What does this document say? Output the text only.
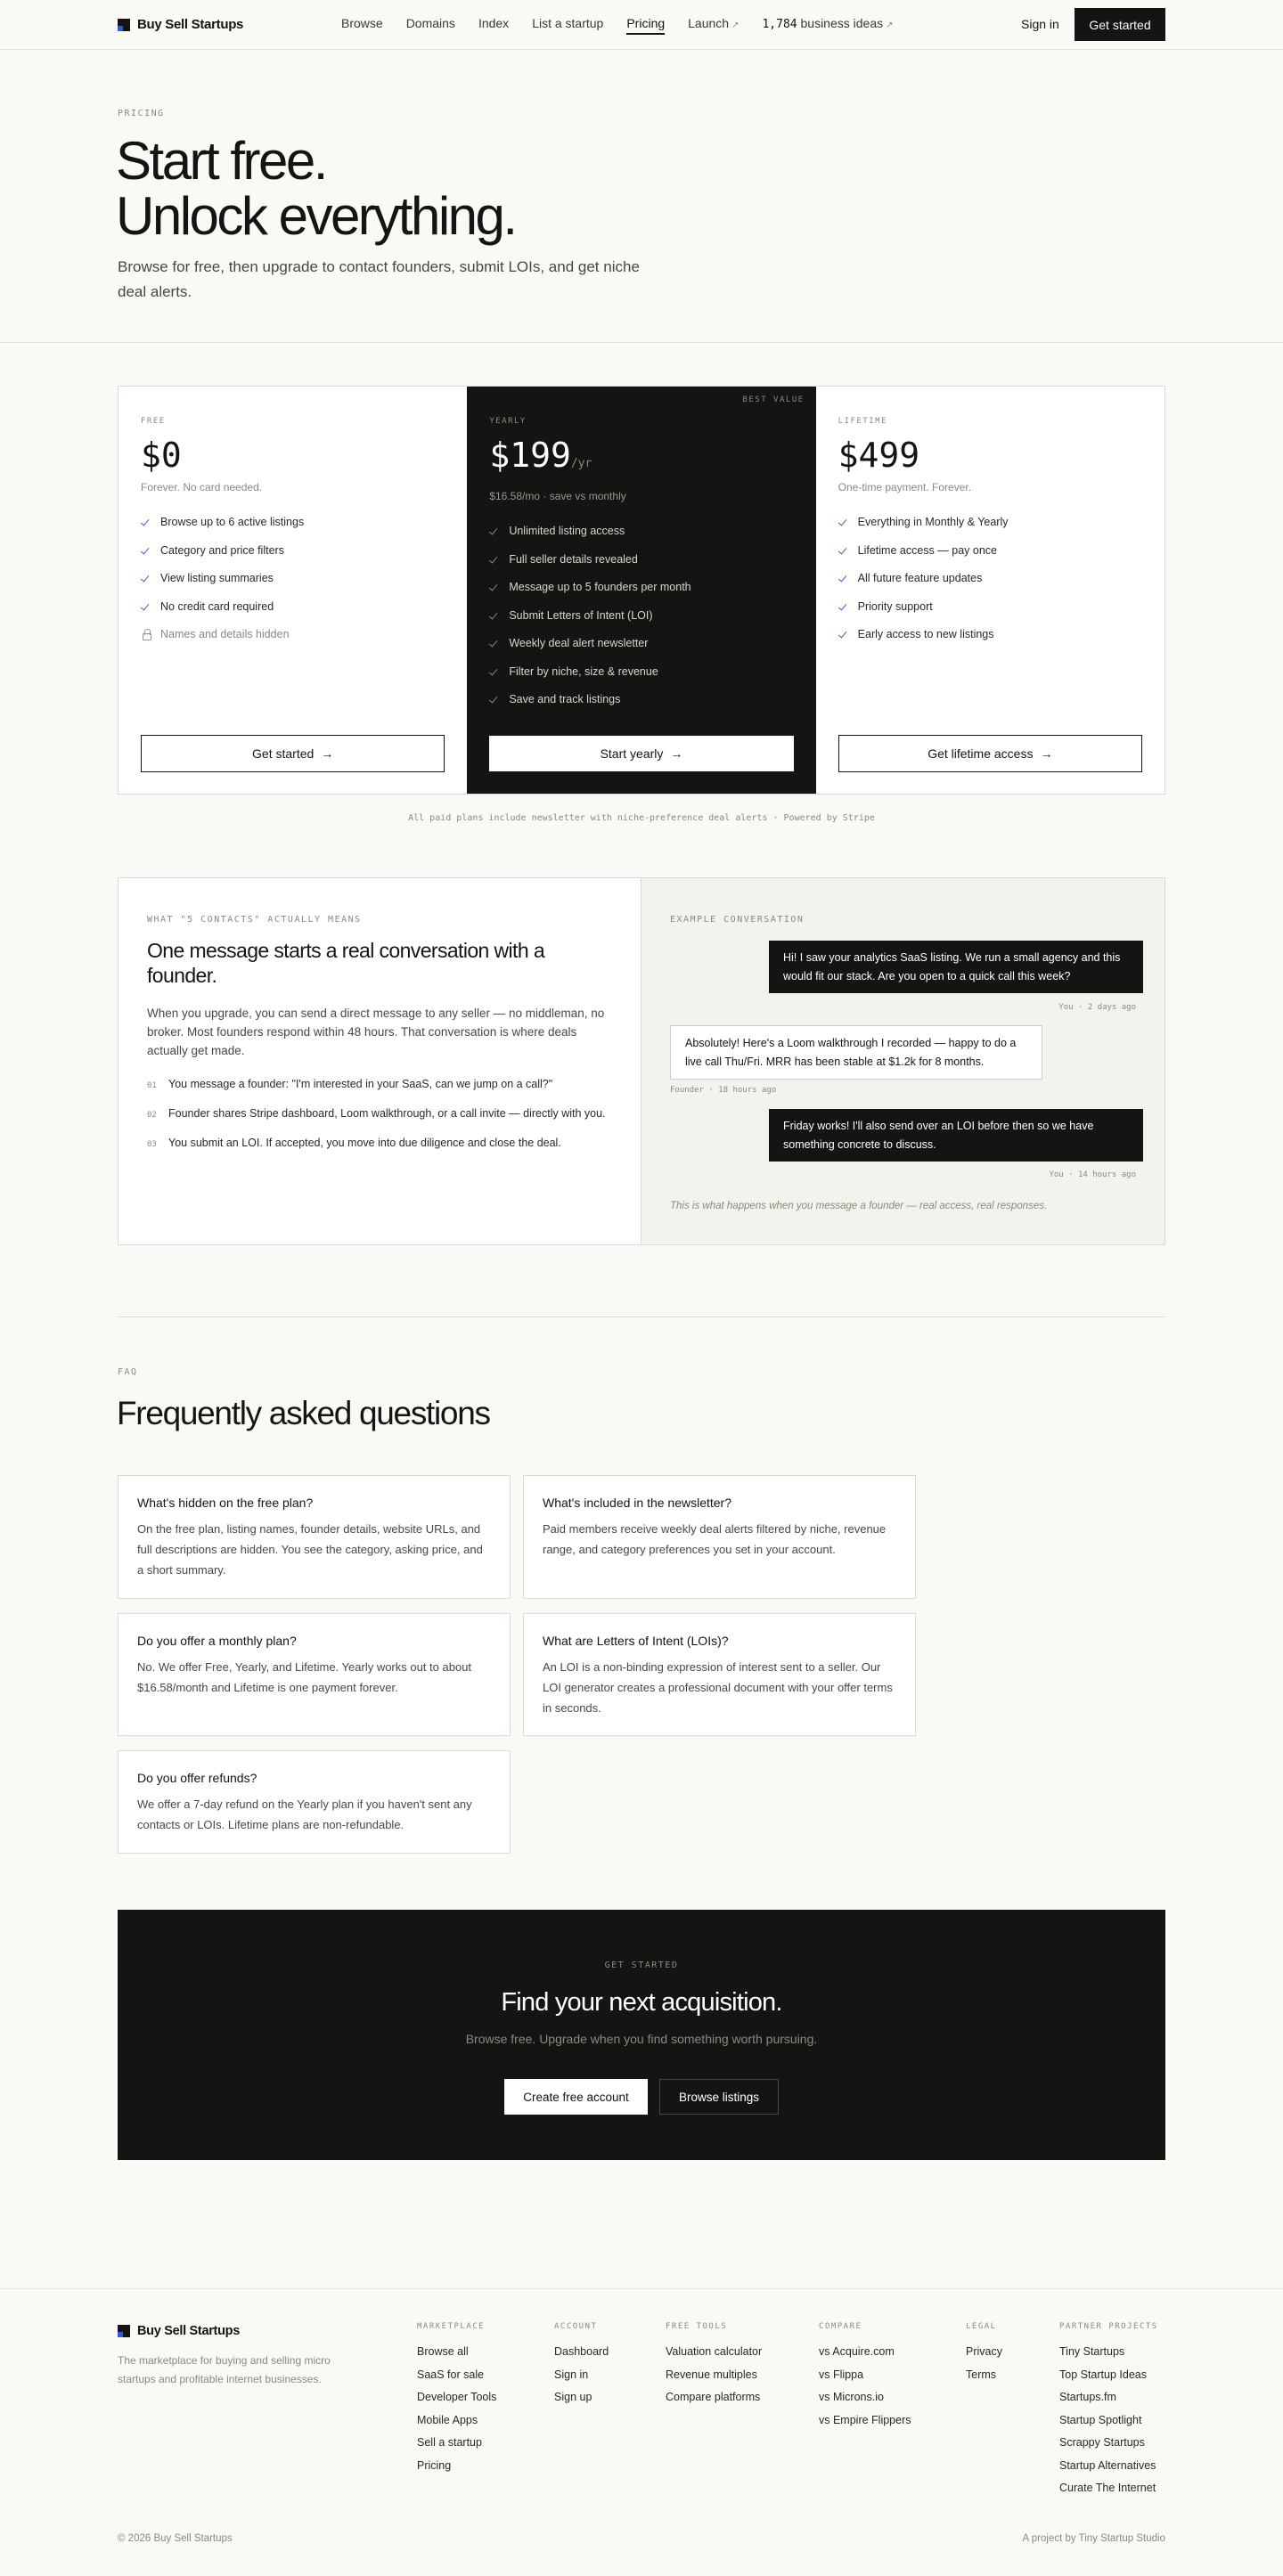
Buy Sell Startups	Browse Domains Index List a startup Pricing Launch ↗ 1,784 business ideas ↗	Sign in	Get started
PRICING
Start free.
Unlock everything.

Browse for free, then upgrade to contact founders, submit LOIs, and get niche deal alerts.

FREE
$0
Forever. No card needed.
Browse up to 6 active listings
Category and price filters
View listing summaries
No credit card required
Names and details hidden
Get started →
BEST VALUE
YEARLY
$199/yr
$16.58/mo · save vs monthly
Unlimited listing access
Full seller details revealed
Message up to 5 founders per month
Submit Letters of Intent (LOI)
Weekly deal alert newsletter
Filter by niche, size & revenue
Save and track listings
Start yearly →
LIFETIME
$499
One-time payment. Forever.
Everything in Monthly & Yearly
Lifetime access — pay once
All future feature updates
Priority support
Early access to new listings
Get lifetime access →
All paid plans include newsletter with niche-preference deal alerts · Powered by Stripe
WHAT "5 CONTACTS" ACTUALLY MEANS
One message starts a real conversation with a founder.

When you upgrade, you can send a direct message to any seller — no middleman, no broker. Most founders respond within 48 hours. That conversation is where deals actually get made.

01 You message a founder: "I'm interested in your SaaS, can we jump on a call?"
02 Founder shares Stripe dashboard, Loom walkthrough, or a call invite — directly with you.
03 You submit an LOI. If accepted, you move into due diligence and close the deal.
EXAMPLE CONVERSATION
Hi! I saw your analytics SaaS listing. We run a small agency and this would fit our stack. Are you open to a quick call this week?
You · 2 days ago
Absolutely! Here's a Loom walkthrough I recorded — happy to do a live call Thu/Fri. MRR has been stable at $1.2k for 8 months.
Founder · 18 hours ago
Friday works! I'll also send over an LOI before then so we have something concrete to discuss.
You · 14 hours ago
This is what happens when you message a founder — real access, real responses.
FAQ
Frequently asked questions
What's hidden on the free plan?

On the free plan, listing names, founder details, website URLs, and full descriptions are hidden. You see the category, asking price, and a short summary.

What's included in the newsletter?

Paid members receive weekly deal alerts filtered by niche, revenue range, and category preferences you set in your account.

Do you offer a monthly plan?

No. We offer Free, Yearly, and Lifetime. Yearly works out to about $16.58/month and Lifetime is one payment forever.

What are Letters of Intent (LOIs)?

An LOI is a non-binding expression of interest sent to a seller. Our LOI generator creates a professional document with your offer terms in seconds.

Do you offer refunds?

We offer a 7-day refund on the Yearly plan if you haven't sent any contacts or LOIs. Lifetime plans are non-refundable.

GET STARTED
Find your next acquisition.

Browse free. Upgrade when you find something worth pursuing.

Create free account	Browse listings
Buy Sell Startups
The marketplace for buying and selling micro startups and profitable internet businesses.
MARKETPLACE
Browse all
SaaS for sale
Developer Tools
Mobile Apps
Sell a startup
Pricing
ACCOUNT
Dashboard
Sign in
Sign up
FREE TOOLS
Valuation calculator
Revenue multiples
Compare platforms
COMPARE
vs Acquire.com
vs Flippa
vs Microns.io
vs Empire Flippers
LEGAL
Privacy
Terms
PARTNER PROJECTS
Tiny Startups
Top Startup Ideas
Startups.fm
Startup Spotlight
Scrappy Startups
Startup Alternatives
Curate The Internet
© 2026 Buy Sell Startups	A project by Tiny Startup Studio
